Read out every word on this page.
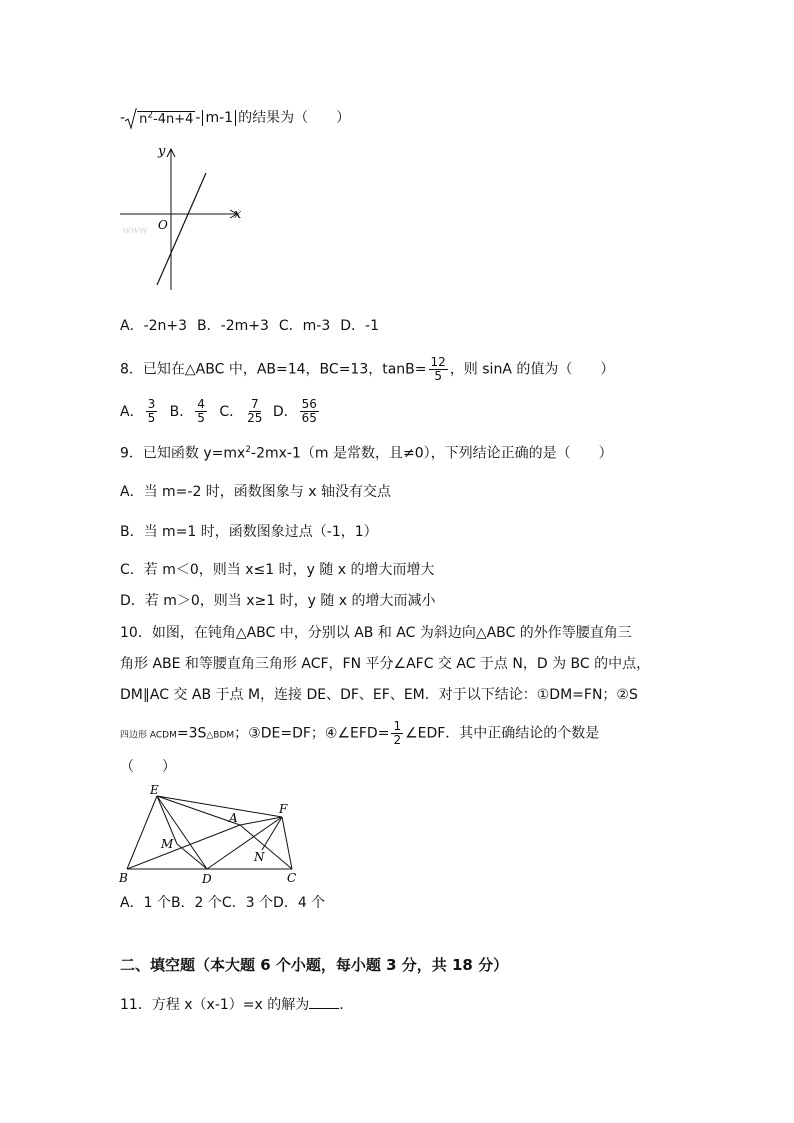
- $n^2-4n+4 - m-1$ 的结果为（　　）
y
x
O
www
A．-2n+3 B．-2m+3 C．m-3 D．-1
8．已知在△ABC 中，AB=14，BC=13，$\tan B= \frac{12}{5}$ ，则 sinA 的值为（　　）
A． $\frac{3}{5}$ B． $\frac{4}{5}$ C． $\frac{7}{25}$ D． $\frac{56}{65}$
9．已知函数 $y=mx^2-2mx-1(m$ 是常数，且≠0），下列结论正确的是（　　）
A．当 m=-2 时，函数图象与 x 轴没有交点
B．当 m=1 时，函数图象过点（-1，1）
C．若 m＜0，则当 x≤1 时，y 随 x 的增大而增大
D．若 m＞0，则当 x≥1 时，y 随 x 的增大而减小
10．如图，在钝角△ABC 中，分别以 AB 和 AC 为斜边向△ABC 的外作等腰直角三
角形 ABE 和等腰直角三角形 ACF，FN 平分∠AFC 交 AC 于点 N，D 为 BC 的中点，
DM∥AC 交 AB 于点 M，连接 DE、DF、EF、EM．对于以下结论：①DM=FN；②S
四边形 ACDM=3S△BDM；③DE=DF；④∠EFD= $\frac{1}{2}$ ∠EDF．其中正确结论的个数是
（　　）
E
A
F
M
N
B	D	C
A．1 个B．2 个C．3 个D．4 个
二、填空题（本大题 6 个小题，每小题 3 分，共 18 分）
11．方程 x（x-1）=x 的解为 ．
